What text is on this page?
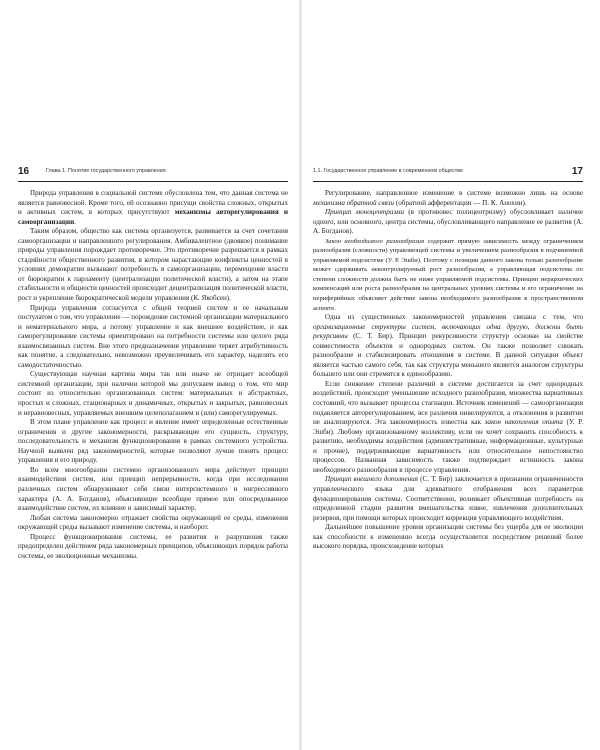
16	Глава 1. Понятие государственного управления

Природа управления в социальной системе обусловлена тем, что данная система не является равновесной. Кроме того, ей осознанно присущи свойства сложных, открытых и активных систем, в которых присутствуют механизмы авторегулирования и самоорганизации.

Таким образом, общество как система организуется, развивается за счет сочетания самоорганизации и направленного регулирования. Амбивалентное (двоякое) понимание природы управления порождает противоречие. Это противоречие разрешается в рамках стадийности общественного развития, в котором нарастающие конфликты ценностей в условиях демократии вызывают потребность в самоорганизации, перемещение власти от бюрократии к парламенту (централизации политической власти), а затем на этапе стабильности и общности ценностей происходит децентрализация политической власти, рост и укрепление бюрократической модели управления (К. Якобсен).

Природа управления согласуется с общей теорией систем и ее начальным постулатом о том, что управление — порождение системной организации материального и нематериального мира, а потому управление и как внешнее воздействие, и как саморегулирование системы ориентировано на потребности системы или целого ряда взаимосвязанных систем. Вне этого предназначения управление теряет атрибутивность как понятие, а следовательно, невозможно преувеличивать его характер, наделять его самодостаточностью.

Существующая научная картина мира так или иначе не отрицает всеобщей системной организации, при наличии которой мы допускаем вывод о том, что мир состоит из относительно организованных систем: материальных и абстрактных, простых и сложных, стационарных и динамичных, открытых и закрытых, равновесных и неравновесных, управляемых внешним целеполаганием и (или) саморегулируемых.

В этом плане управление как процесс и явление имеет определенные естественные ограничения и другие закономерности, раскрывающие его сущность, структуру, последовательность и механизм функционирования в рамках системного устройства. Научной выявлен ряд закономерностей, которые позволяют лучше понять процесс управления и его природу.

Во всем многообразии системно организованного мира действует принцип взаимодействия систем, или принцип непрерывности, когда при исследовании различных систем обнаруживают себя связи интерсистемного и ингрессивного характера (А. А. Богданов), объясняющие всеобщее прямое или опосредованное взаимодействие систем, их влияние и зависимый характер.

Любая система закономерно отражает свойства окружающей ее среды, изменения окружающей среды вызывают изменение системы, и наоборот.

Процесс функционирования системы, ее развития и разрушения также предопределен действием ряда закономерных принципов, объясняющих порядок работы системы, ее эволюционные механизмы.

1.1. Государственное управление в современном обществе	17

Регулирование, направленное изменение в системе возможно лишь на основе механизма обратной связи (обратной афферентации — П. К. Анохин).

Принцип моноцентризма (в противовес полицентризму) обусловливает наличие одного, или основного, центра системы, обусловливающего направление ее развития (А. А. Богданов).

Закон необходимого разнообразия содержит прямую зависимость между ограничением разнообразия (сложности) управляющей системы и увеличением разнообразия в подчиненной управляемой подсистеме (У. Р. Эшби). Поэтому с позиции данного закона только разнообразие может сдерживать неконтролируемый рост разнообразия, а управляющая подсистема по степени сложности должна быть не ниже управляемой подсистемы. Принцип иерархических компенсаций или роста разнообразия на центральных уровнях системы и его ограничение на периферийных объясняет действие закона необходимого разнообразия в пространственном аспекте.

Одна из существенных закономерностей управления связана с тем, что организационные структуры систем, включающих одна другую, должны быть рекурсивны (С. Т. Бир). Принцип рекурсивности структур основан на свойстве совместимости объектов и однородных систем. Он также позволяет снижать разнообразие и стабилизировать отношения в системе. В данной ситуации объект является частью самого себя, так как структура меньшего является аналогом структуры большего или они стремятся к единообразию.

Если снижение степени различий в системе достигается за счет однородных воздействий, происходит уменьшение исходного разнообразия, множества вариативных состояний, что вызывает процессы стагнации. Источник изменений — самоорганизация подавляется авторегулированием, все различия нивелируются, а отклонения в развитии не анализируются. Эта закономерность известна как закон накопления опыта (У. Р. Эшби). Любому организованному коллективу, если он хочет сохранить способность к развитию, необходимы воздействия (административные, информационные, культурные и прочие), поддерживающие вариативность или относительное непостоянство процессов. Названная зависимость также подтверждает истинность закона необходимого разнообразия в процессе управления.

Принцип внешнего дополнения (С. Т. Бир) заключается в признании ограниченности управленческого языка для адекватного отображения всех параметров функционирования системы. Соответственно, возникает объективная потребность на определенной стадии развития вмешательства извне, извлечения дополнительных резервов, при помощи которых происходит коррекция управляющего воздействия.

Дальнейшее повышение уровня организации системы без ущерба для ее эволюции как способности к изменению всегда осуществляется посредством решений более высокого порядка, происхождение которых
